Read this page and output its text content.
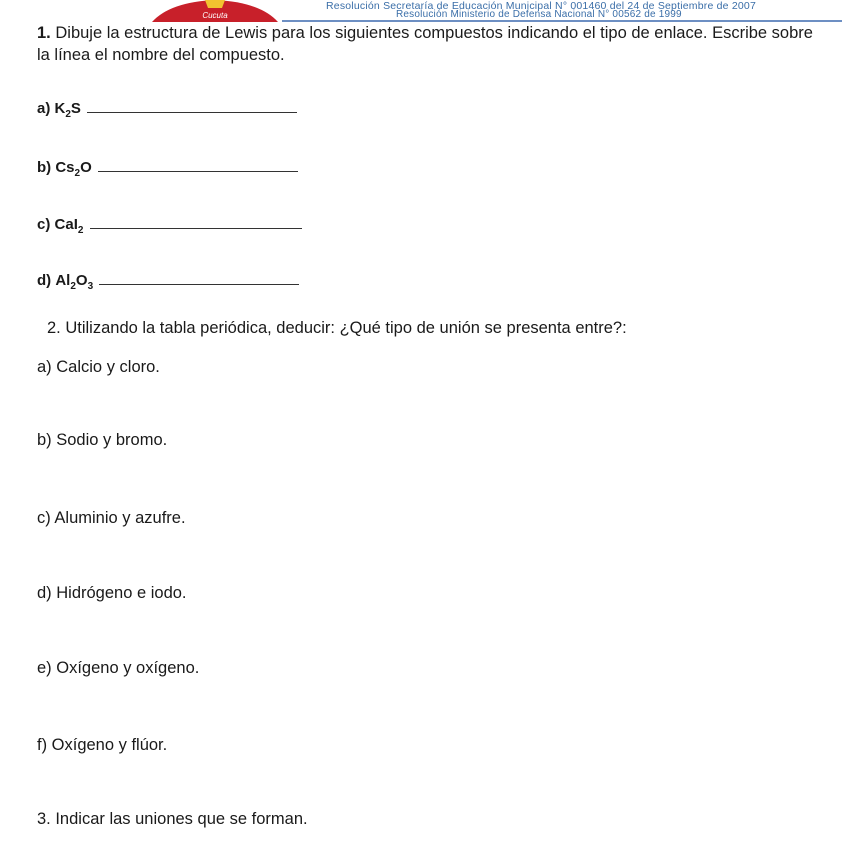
Cucuta
Resolución Secretaría de Educación Municipal N° 001460 del 24 de Septiembre de 2007
Resolución Ministerio de Defensa Nacional N° 00562 de 1999
1. Dibuje la estructura de Lewis para los siguientes compuestos indicando el tipo de enlace. Escribe sobre la línea el nombre del compuesto.
a) $K_2S$
b) $Cs_2O$
c) CaI$_2$
d) $Al_2O_3$
2. Utilizando la tabla periódica, deducir: ¿Qué tipo de unión se presenta entre?:
a) Calcio y cloro.
b) Sodio y bromo.
c) Aluminio y azufre.
d) Hidrógeno e iodo.
e) Oxígeno y oxígeno.
f) Oxígeno y flúor.
3. Indicar las uniones que se forman.
